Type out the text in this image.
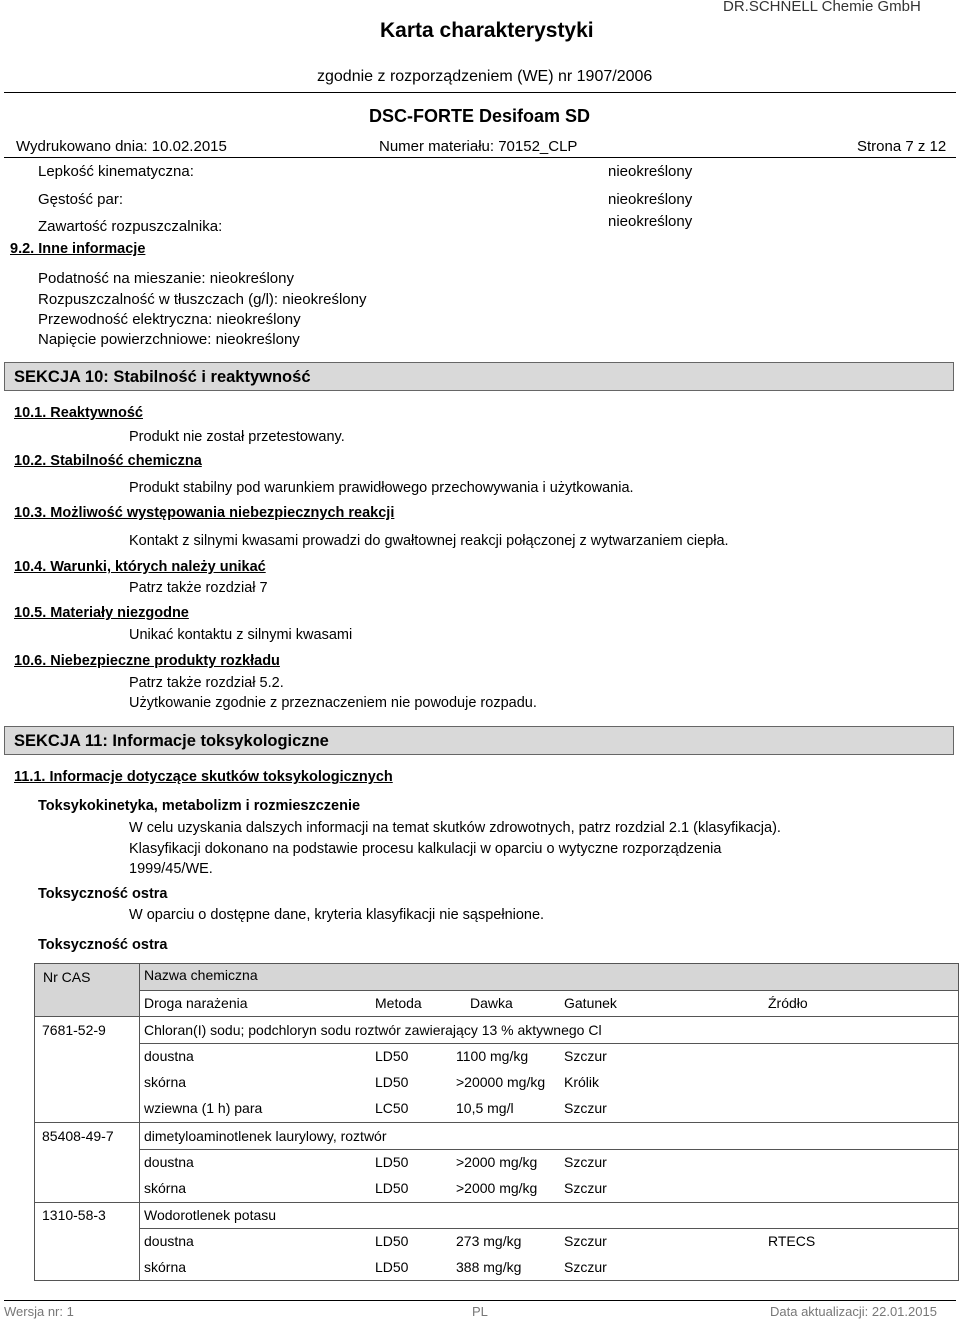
Karta charakterystyki
DR.SCHNELL Chemie GmbH
zgodnie z rozporządzeniem (WE) nr 1907/2006
DSC-FORTE Desifoam SD
Wydrukowano dnia: 10.02.2015	Numer materiału: 70152_CLP	Strona 7 z 12
Lepkość kinematyczna:	nieokreślony
Gęstość par:	nieokreślony
Zawartość rozpuszczalnika:	nieokreślony
9.2. Inne informacje
Podatność na mieszanie: nieokreślony
Rozpuszczalność w tłuszczach (g/l): nieokreślony
Przewodność elektryczna: nieokreślony
Napięcie powierzchniowe: nieokreślony
SEKCJA 10: Stabilność i reaktywność
10.1. Reaktywność
Produkt nie został przetestowany.
10.2. Stabilność chemiczna
Produkt stabilny pod warunkiem prawidłowego przechowywania i użytkowania.
10.3. Możliwość występowania niebezpiecznych reakcji
Kontakt z silnymi kwasami prowadzi do gwałtownej reakcji połączonej z wytwarzaniem ciepła.
10.4. Warunki, których należy unikać
Patrz także rozdział 7
10.5. Materiały niezgodne
Unikać kontaktu z silnymi kwasami
10.6. Niebezpieczne produkty rozkładu
Patrz także rozdział 5.2.
Użytkowanie zgodnie z przeznaczeniem nie powoduje rozpadu.
SEKCJA 11: Informacje toksykologiczne
11.1. Informacje dotyczące skutków toksykologicznych
Toksykokinetyka, metabolizm i rozmieszczenie
W celu uzyskania dalszych informacji na temat skutków zdrowotnych, patrz rozdzial 2.1 (klasyfikacja).
Klasyfikacji dokonano na podstawie procesu kalkulacji w oparciu o wytyczne rozporządzenia
1999/45/WE.
Toksyczność ostra
W oparciu o dostępne dane, kryteria klasyfikacji nie sąspełnione.
Toksyczność ostra
Nr CAS	Nazwa chemiczna
Droga narażenia	Metoda	Dawka	Gatunek	Źródło
7681-52-9	Chloran(I) sodu; podchloryn sodu roztwór zawierający 13 % aktywnego Cl
doustna	LD50	1100 mg/kg	Szczur
skórna	LD50	>20000 mg/kg Królik
wziewna (1 h) para	LC50	10,5 mg/l	Szczur
85408-49-7 dimetyloaminotlenek laurylowy, roztwór
doustna	LD50	>2000 mg/kg Szczur
skórna	LD50	>2000 mg/kg Szczur
1310-58-3	Wodorotlenek potasu
doustna	LD50	273 mg/kg	Szczur	RTECS
skórna	LD50	388 mg/kg	Szczur
Wersja nr: 1	PL	Data aktualizacji: 22.01.2015
